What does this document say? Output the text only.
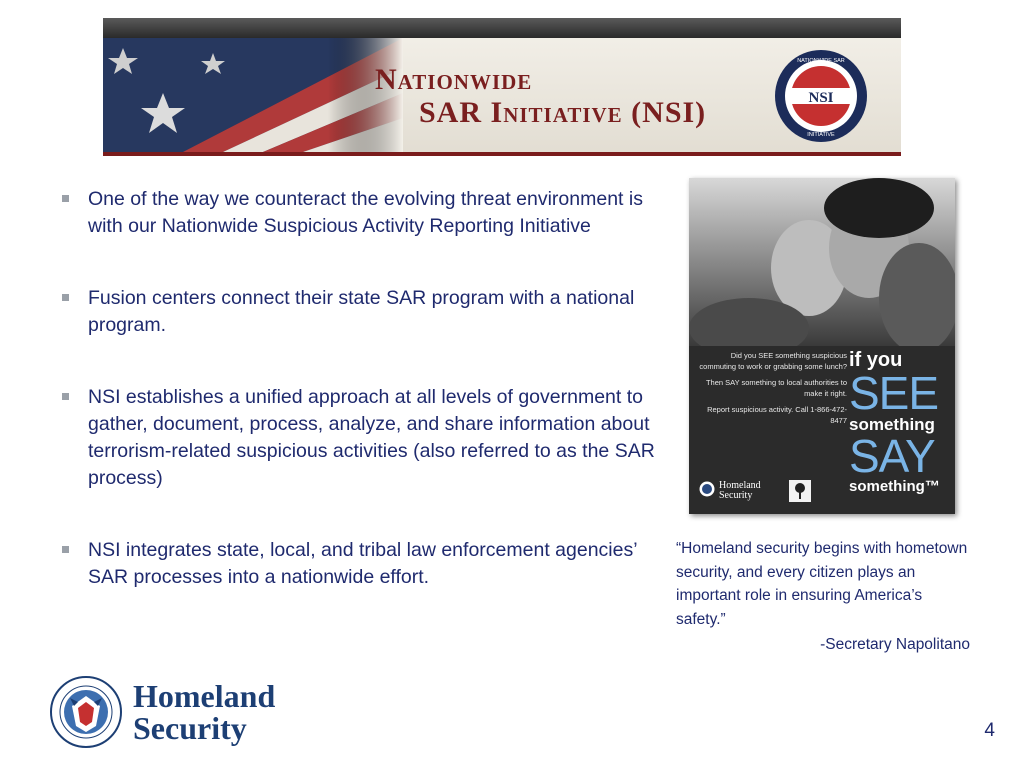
Nationwide
SAR Initiative (NSI)	NSI
NATIONWIDE SAR
INITIATIVE
One of the way we counteract the evolving threat environment is with our Nationwide Suspicious Activity Reporting Initiative
Fusion centers connect their state SAR program with a national program.
NSI establishes a unified approach at all levels of government to gather, document, process, analyze, and share information about terrorism-related suspicious activities (also referred to as the SAR process)
NSI integrates state, local, and tribal law enforcement agencies’ SAR processes into a nationwide effort.

Did you SEE something suspicious commuting to work or grabbing some lunch?

Then SAY something to local authorities to make it right.

Report suspicious activity. Call 1-866-472-8477

if you
SEE
something
SAY
something™
Homeland
Security
“Homeland security begins with hometown security, and every citizen plays an important role in ensuring America’s safety.”
-Secretary Napolitano
Homeland
Security	4
